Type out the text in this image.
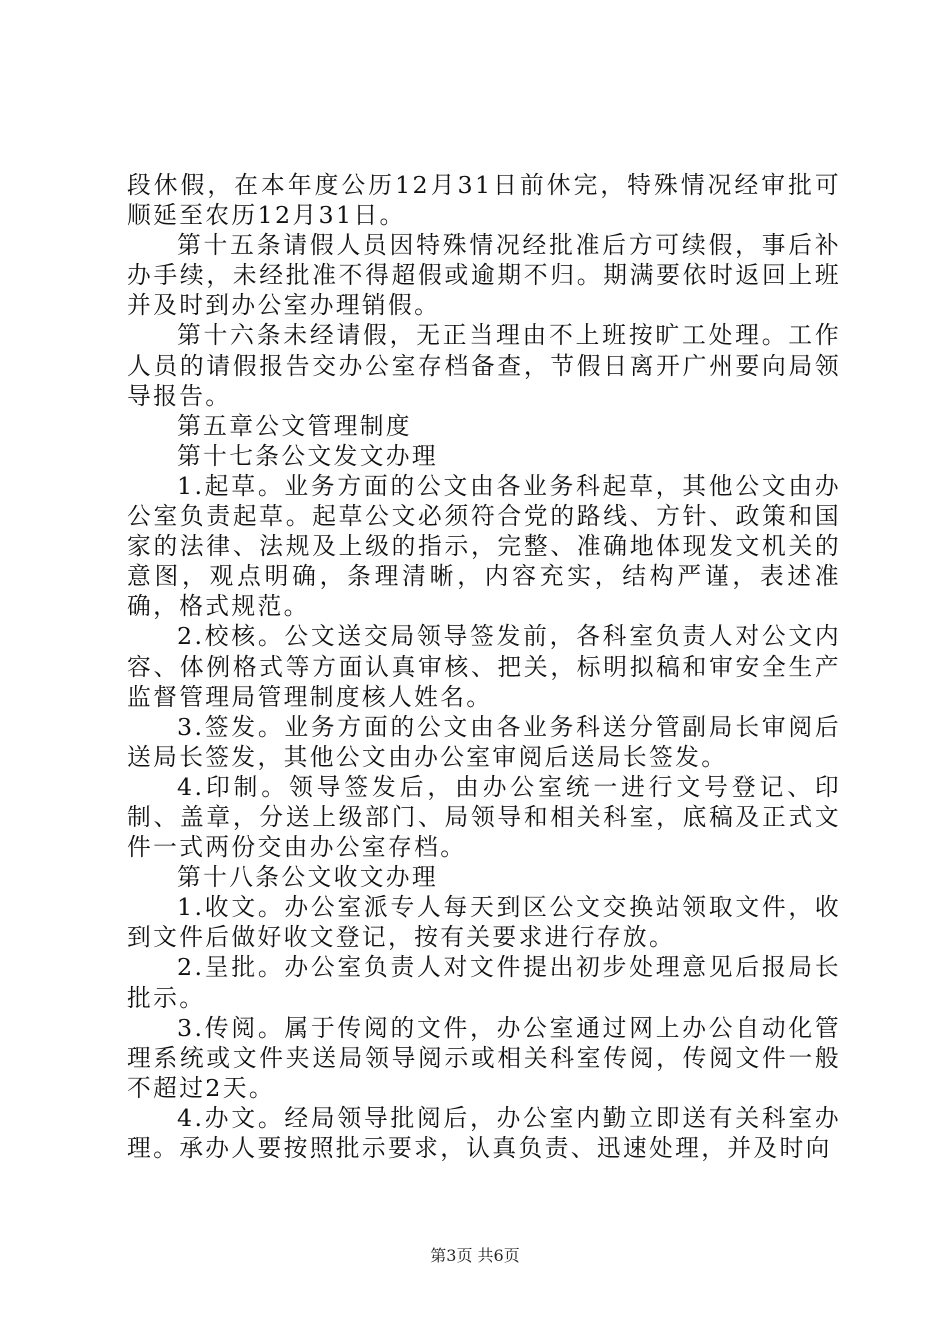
段休假，在本年度公历12月31日前休完，特殊情况经审批可顺延至农历12月31日。

第十五条请假人员因特殊情况经批准后方可续假，事后补办手续，未经批准不得超假或逾期不归。期满要依时返回上班并及时到办公室办理销假。

第十六条未经请假，无正当理由不上班按旷工处理。工作人员的请假报告交办公室存档备查，节假日离开广州要向局领导报告。

第五章公文管理制度

第十七条公文发文办理

1.起草。业务方面的公文由各业务科起草，其他公文由办公室负责起草。起草公文必须符合党的路线、方针、政策和国家的法律、法规及上级的指示，完整、准确地体现发文机关的意图，观点明确，条理清晰，内容充实，结构严谨，表述准确，格式规范。

2.校核。公文送交局领导签发前，各科室负责人对公文内容、体例格式等方面认真审核、把关，标明拟稿和审安全生产监督管理局管理制度核人姓名。

3.签发。业务方面的公文由各业务科送分管副局长审阅后送局长签发，其他公文由办公室审阅后送局长签发。

4.印制。领导签发后，由办公室统一进行文号登记、印制、盖章，分送上级部门、局领导和相关科室，底稿及正式文件一式两份交由办公室存档。

第十八条公文收文办理

1.收文。办公室派专人每天到区公文交换站领取文件，收到文件后做好收文登记，按有关要求进行存放。

2.呈批。办公室负责人对文件提出初步处理意见后报局长批示。

3.传阅。属于传阅的文件，办公室通过网上办公自动化管理系统或文件夹送局领导阅示或相关科室传阅，传阅文件一般不超过2天。

4.办文。经局领导批阅后，办公室内勤立即送有关科室办理。承办人要按照批示要求，认真负责、迅速处理，并及时向

第3页 共6页
